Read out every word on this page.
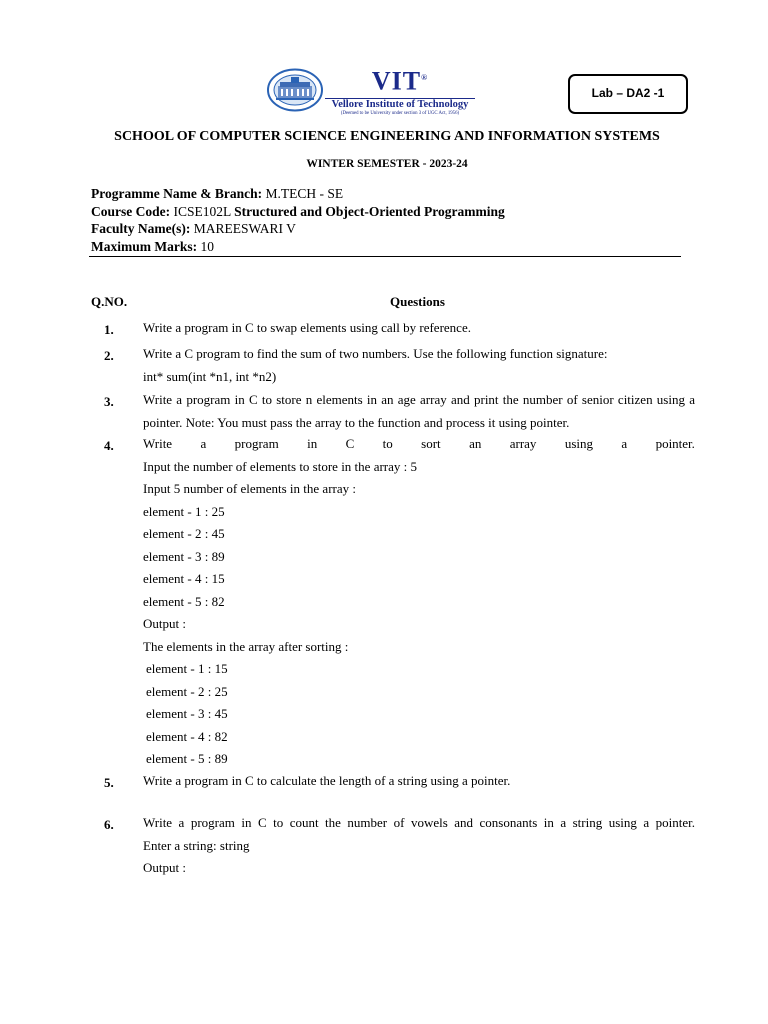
VIT®
Vellore Institute of Technology
(Deemed to be University under section 3 of UGC Act, 1956)
Lab – DA2 -1
SCHOOL OF COMPUTER SCIENCE ENGINEERING AND INFORMATION SYSTEMS
WINTER SEMESTER - 2023-24
Programme Name & Branch: M.TECH - SE
Course Code: ICSE102L Structured and Object-Oriented Programming
Faculty Name(s): MAREESWARI V
Maximum Marks: 10
Q.NO.	Questions
1. Write a program in C to swap elements using call by reference.
2. Write a C program to find the sum of two numbers. Use the following function signature:
int* sum(int *n1, int *n2)
3. Write a program in C to store n elements in an age array and print the number of senior citizen using a pointer. Note: You must pass the array to the function and process it using pointer.
4. Write a program in C to sort an array using a pointer.
Input the number of elements to store in the array : 5
Input 5 number of elements in the array :
element - 1 : 25
element - 2 : 45
element - 3 : 89
element - 4 : 15
element - 5 : 82
Output :
The elements in the array after sorting :
element - 1 : 15
element - 2 : 25
element - 3 : 45
element - 4 : 82
element - 5 : 89
5. Write a program in C to calculate the length of a string using a pointer.
6. Write a program in C to count the number of vowels and consonants in a string using a pointer.
Enter a string: string
Output :
